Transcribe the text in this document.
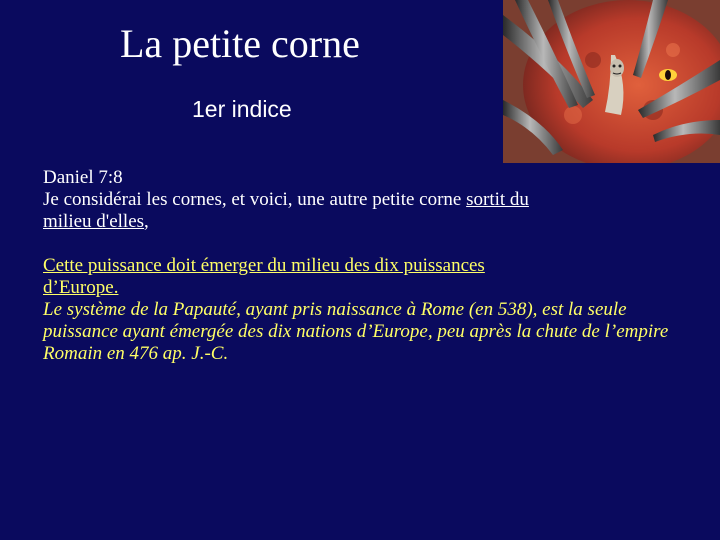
La petite corne
1er indice

Daniel 7:8

Je considérai les cornes, et voici, une autre petite corne sortit du
milieu d'elles,

Cette puissance doit émerger du milieu des dix puissances
d’Europe.

Le système de la Papauté, ayant pris naissance à Rome (en 538), est la seule puissance ayant émergée des dix nations d’Europe, peu après la chute de l’empire Romain en 476 ap. J.-C.
